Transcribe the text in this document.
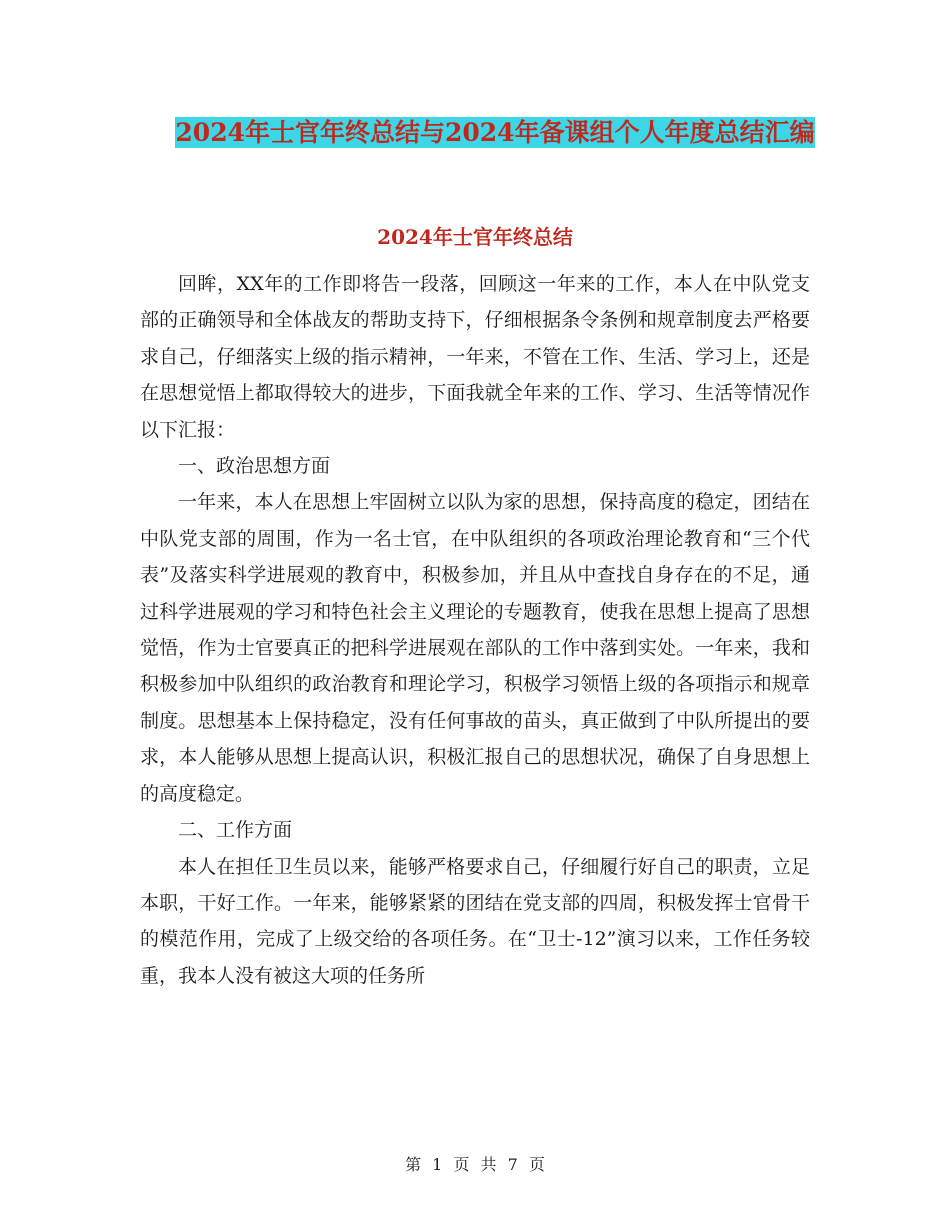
2024年士官年终总结与2024年备课组个人年度总结汇编
2024年士官年终总结

回眸，XX年的工作即将告一段落，回顾这一年来的工作，本人在中队党支部的正确领导和全体战友的帮助支持下，仔细根据条令条例和规章制度去严格要求自己，仔细落实上级的指示精神，一年来，不管在工作、生活、学习上，还是在思想觉悟上都取得较大的进步，下面我就全年来的工作、学习、生活等情况作以下汇报：

一、政治思想方面

一年来，本人在思想上牢固树立以队为家的思想，保持高度的稳定，团结在中队党支部的周围，作为一名士官，在中队组织的各项政治理论教育和“三个代表”及落实科学进展观的教育中，积极参加，并且从中查找自身存在的不足，通过科学进展观的学习和特色社会主义理论的专题教育，使我在思想上提高了思想觉悟，作为士官要真正的把科学进展观在部队的工作中落到实处。一年来，我和积极参加中队组织的政治教育和理论学习，积极学习领悟上级的各项指示和规章制度。思想基本上保持稳定，没有任何事故的苗头，真正做到了中队所提出的要求，本人能够从思想上提高认识，积极汇报自己的思想状况，确保了自身思想上的高度稳定。

二、工作方面

本人在担任卫生员以来，能够严格要求自己，仔细履行好自己的职责，立足本职，干好工作。一年来，能够紧紧的团结在党支部的四周，积极发挥士官骨干的模范作用，完成了上级交给的各项任务。在“卫士-12”演习以来，工作任务较重，我本人没有被这大项的任务所

第 1 页 共 7 页
